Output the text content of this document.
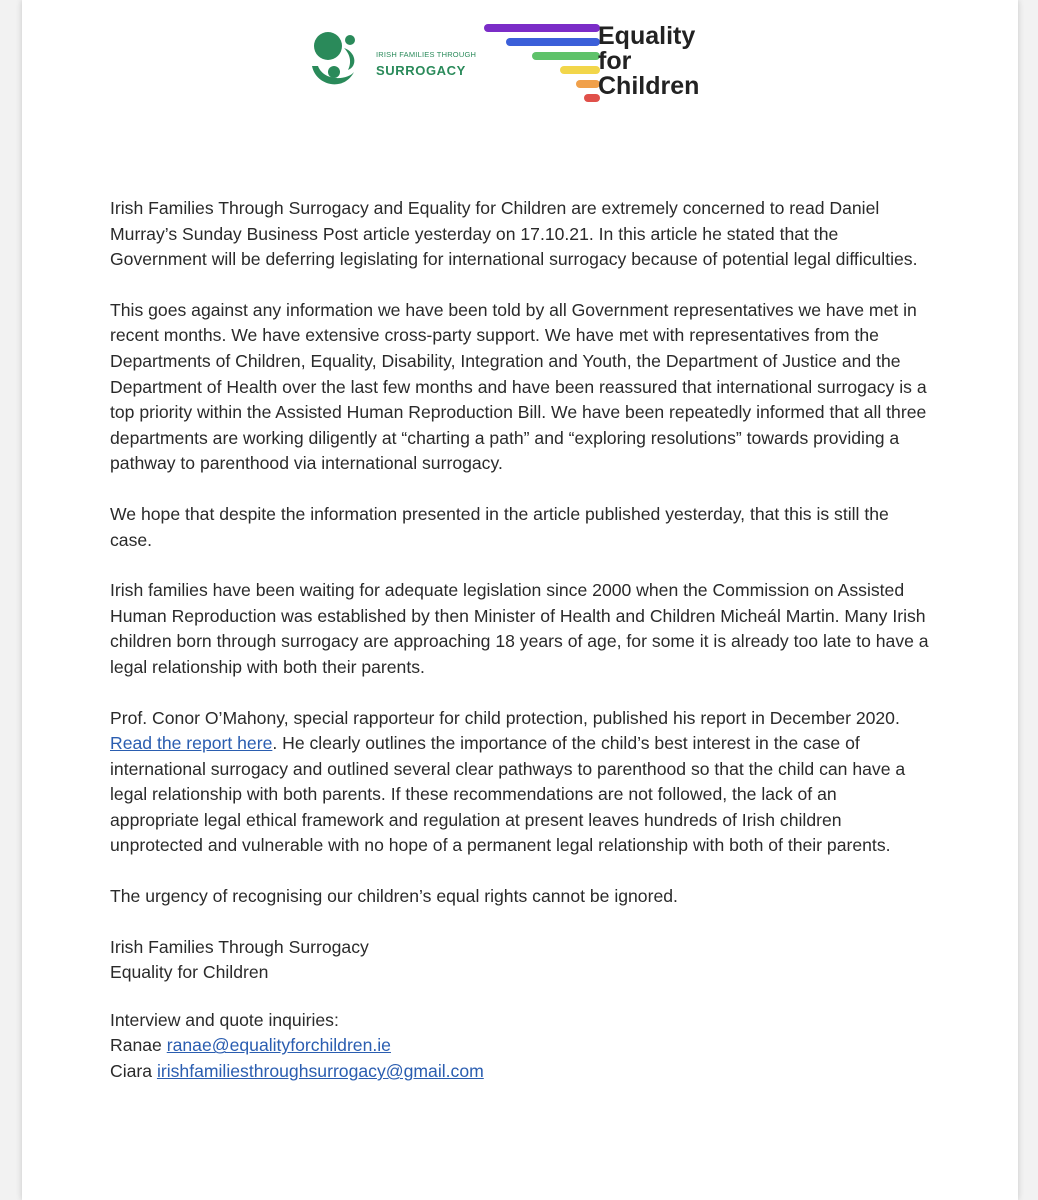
IRISH FAMILIES THROUGH
SURROGACY
Equality
for
Children

Irish Families Through Surrogacy and Equality for Children are extremely concerned to read Daniel Murray’s Sunday Business Post article yesterday on 17.10.21. In this article he stated that the Government will be deferring legislating for international surrogacy because of potential legal difficulties.

This goes against any information we have been told by all Government representatives we have met in recent months. We have extensive cross-party support. We have met with representatives from the Departments of Children, Equality, Disability, Integration and Youth, the Department of Justice and the Department of Health over the last few months and have been reassured that international surrogacy is a top priority within the Assisted Human Reproduction Bill. We have been repeatedly informed that all three departments are working diligently at “charting a path” and “exploring resolutions” towards providing a pathway to parenthood via international surrogacy.

We hope that despite the information presented in the article published yesterday, that this is still the case.

Irish families have been waiting for adequate legislation since 2000 when the Commission on Assisted Human Reproduction was established by then Minister of Health and Children Micheál Martin. Many Irish children born through surrogacy are approaching 18 years of age, for some it is already too late to have a legal relationship with both their parents.

Prof. Conor O’Mahony, special rapporteur for child protection, published his report in December 2020. Read the report here. He clearly outlines the importance of the child’s best interest in the case of international surrogacy and outlined several clear pathways to parenthood so that the child can have a legal relationship with both parents. If these recommendations are not followed, the lack of an appropriate legal ethical framework and regulation at present leaves hundreds of Irish children unprotected and vulnerable with no hope of a permanent legal relationship with both of their parents.

The urgency of recognising our children’s equal rights cannot be ignored.

Irish Families Through Surrogacy
Equality for Children
Interview and quote inquiries:
Ranae ranae@equalityforchildren.ie
Ciara irishfamiliesthroughsurrogacy@gmail.com
